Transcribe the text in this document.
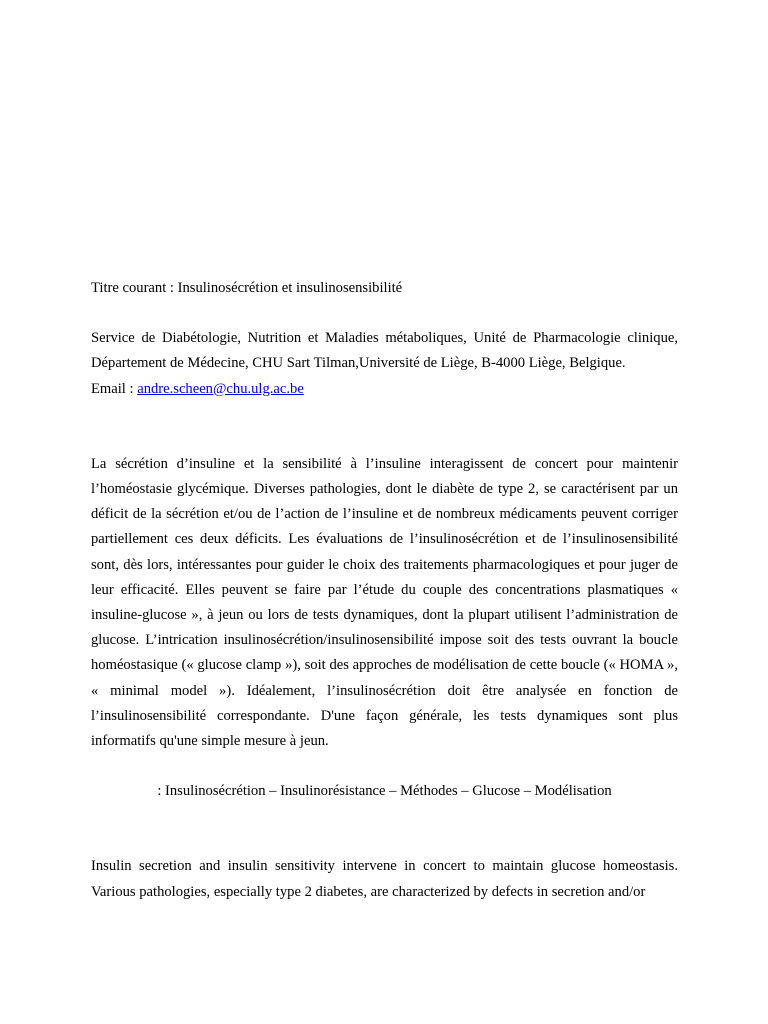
Titre courant : Insulinosécrétion et insulinosensibilité

Service de Diabétologie, Nutrition et Maladies métaboliques, Unité de Pharmacologie clinique, Département de Médecine, CHU Sart Tilman,Université de Liège, B-4000 Liège, Belgique.

Email : andre.scheen@chu.ulg.ac.be

La sécrétion d’insuline et la sensibilité à l’insuline interagissent de concert pour maintenir l’homéostasie glycémique. Diverses pathologies, dont le diabète de type 2, se caractérisent par un déficit de la sécrétion et/ou de l’action de l’insuline et de nombreux médicaments peuvent corriger partiellement ces deux déficits. Les évaluations de l’insulinosécrétion et de l’insulinosensibilité sont, dès lors, intéressantes pour guider le choix des traitements pharmacologiques et pour juger de leur efficacité. Elles peuvent se faire par l’étude du couple des concentrations plasmatiques « insuline-glucose », à jeun ou lors de tests dynamiques, dont la plupart utilisent l’administration de glucose. L’intrication insulinosécrétion/insulinosensibilité impose soit des tests ouvrant la boucle homéostasique (« glucose clamp »), soit des approches de modélisation de cette boucle (« HOMA », « minimal model »). Idéalement, l’insulinosécrétion doit être analysée en fonction de l’insulinosensibilité correspondante. D'une façon générale, les tests dynamiques sont plus informatifs qu'une simple mesure à jeun.

: Insulinosécrétion – Insulinorésistance – Méthodes – Glucose – Modélisation

Insulin secretion and insulin sensitivity intervene in concert to maintain glucose homeostasis. Various pathologies, especially type 2 diabetes, are characterized by defects in secretion and/or
